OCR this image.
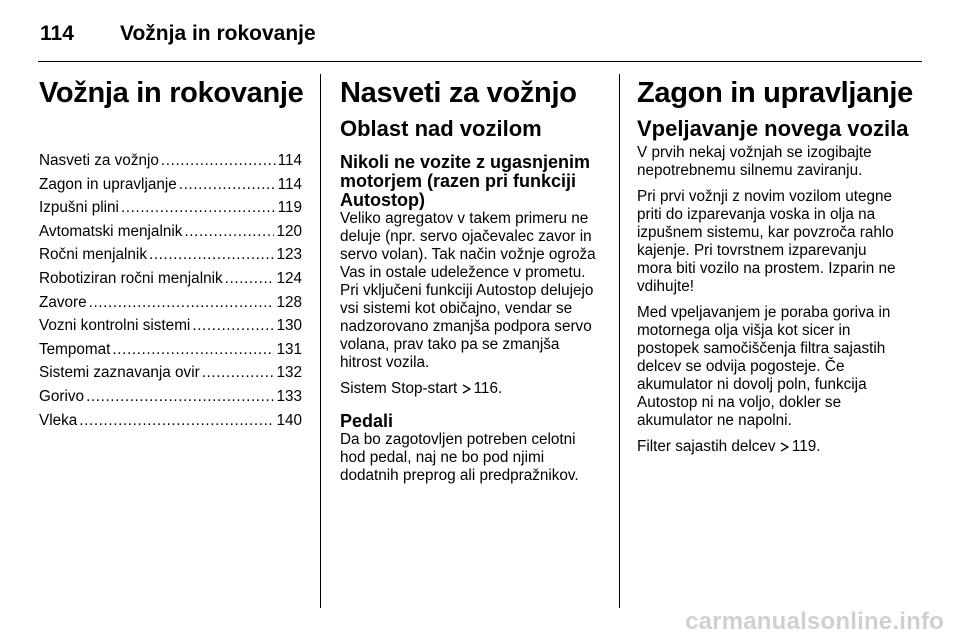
114 Vožnja in rokovanje
Vožnja in rokovanje
Nasveti za vožnjo .....	114
Zagon in upravljanje .....	114
Izpušni plini .....	119
Avtomatski menjalnik .....	120
Ročni menjalnik .....	123
Robotiziran ročni menjalnik .....	124
Zavore .....	128
Vozni kontrolni sistemi .....	130
Tempomat .....	131
Sistemi zaznavanja ovir .....	132
Gorivo .....	133
Vleka .....	140
Nasveti za vožnjo
Oblast nad vozilom
Nikoli ne vozite z ugasnjenim motorjem (razen pri funkciji Autostop)

Veliko agregatov v takem primeru ne deluje (npr. servo ojačevalec zavor in servo volan). Tak način vožnje ogroža Vas in ostale udeležence v prometu. Pri vključeni funkciji Autostop delujejo vsi sistemi kot običajno, vendar se nadzorovano zmanjša podpora servo volana, prav tako pa se zmanjša hitrost vozila.

Sistem Stop-start 116.

Pedali

Da bo zagotovljen potreben celotni hod pedal, naj ne bo pod njimi dodatnih preprog ali predpražnikov.

Zagon in upravljanje
Vpeljavanje novega vozila

V prvih nekaj vožnjah se izogibajte nepotrebnemu silnemu zaviranju.

Pri prvi vožnji z novim vozilom utegne priti do izparevanja voska in olja na izpušnem sistemu, kar povzroča rahlo kajenje. Pri tovrstnem izparevanju mora biti vozilo na prostem. Izparin ne vdihujte!

Med vpeljavanjem je poraba goriva in motornega olja višja kot sicer in postopek samočiščenja filtra sajastih delcev se odvija pogosteje. Če akumulator ni dovolj poln, funkcija Autostop ni na voljo, dokler se akumulator ne napolni.

Filter sajastih delcev 119.

carmanualsonline.info
